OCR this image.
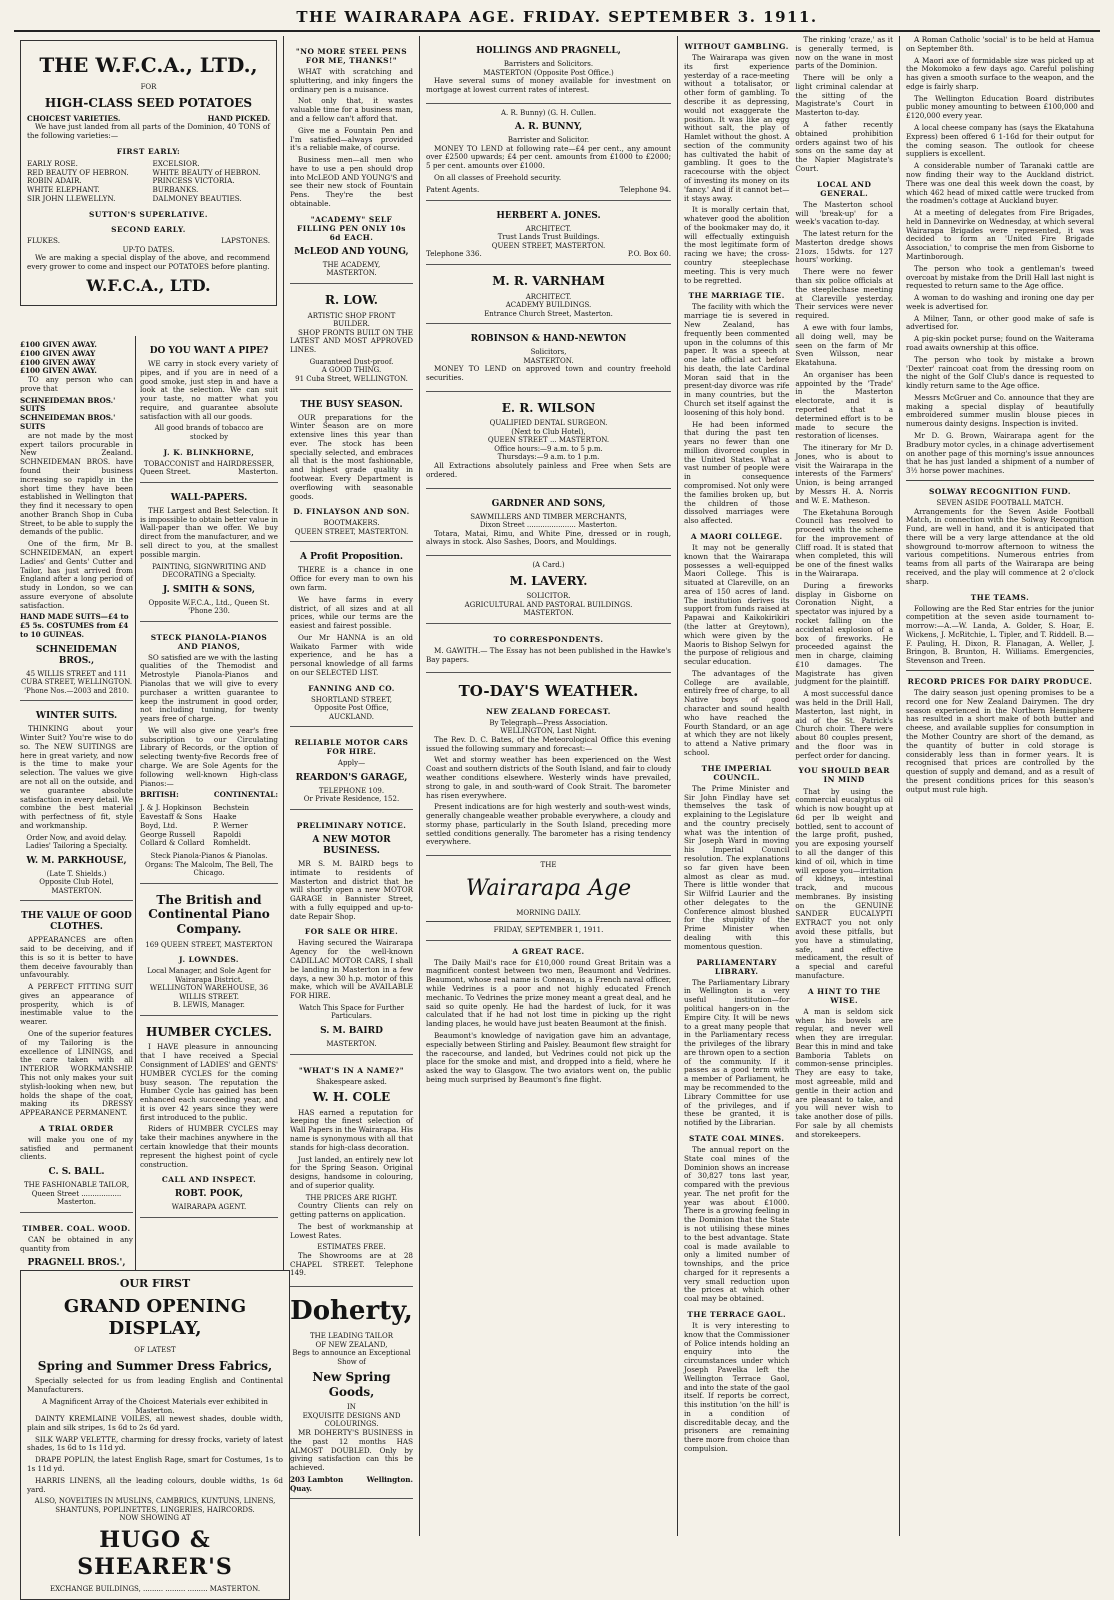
THE WAIRARAPA AGE. FRIDAY. SEPTEMBER 3. 1911.
THE W.F.C.A., LTD.,
FOR
HIGH-CLASS SEED POTATOES
CHOICEST VARIETIES.	HAND PICKED.

We have just landed from all parts of the Dominion, 40 TONS of the following varieties:—

FIRST EARLY:
EARLY ROSE.
RED BEAUTY OF HEBRON.
ROBIN ADAIR.
WHITE ELEPHANT.
SIR JOHN LLEWELLYN.
EXCELSIOR.
WHITE BEAUTY of HEBRON.
PRINCESS VICTORIA.
BURBANKS.
DALMONEY BEAUTIES.
SUTTON'S SUPERLATIVE.
SECOND EARLY.
FLUKES.	LAPSTONES.
UP-TO DATES.

We are making a special display of the above, and recommend every grower to come and inspect our POTATOES before planting.

W.F.C.A., LTD.
£100 GIVEN AWAY.
£100 GIVEN AWAY
£100 GIVEN AWAY
£100 GIVEN AWAY.

TO any person who can prove that

SCHNEIDEMAN BROS.' SUITS
SCHNEIDEMAN BROS.' SUITS

are not made by the most expert tailors procurable in New Zealand. SCHNEIDEMAN BROS. have found their business increasing so rapidly in the short time they have been established in Wellington that they find it necessary to open another Branch Shop in Cuba Street, to be able to supply the demands of the public.

One of the firm, Mr B. SCHNEIDEMAN, an expert Ladies' and Gents' Cutter and Tailor, has just arrived from England after a long period of study in London, so we can assure everyone of absolute satisfaction.

HAND MADE SUITS—£4 to £5 5s. COSTUMES from £4 to 10 GUINEAS.
SCHNEIDEMAN BROS.,
45 WILLIS STREET and 111 CUBA STREET, WELLINGTON.
'Phone Nos.—2003 and 2810.
WINTER SUITS.

THINKING about your Winter Suit? You're wise to do so. The NEW SUITINGS are here in great variety, and now is the time to make your selection. The values we give are not all on the outside, and we guarantee absolute satisfaction in every detail. We combine the best material with perfectness of fit, style and workmanship.

Order Now, and avoid delay.
Ladies' Tailoring a Specialty.
W. M. PARKHOUSE,
(Late T. Shields.)
Opposite Club Hotel, MASTERTON.
THE VALUE OF GOOD CLOTHES.

APPEARANCES are often said to be deceiving, and if this is so it is better to have them deceive favourably than unfavourably.

A PERFECT FITTING SUIT gives an appearance of prosperity, which is of inestimable value to the wearer.

One of the superior features of my Tailoring is the excellence of LININGS, and the care taken with all INTERIOR WORKMANSHIP. This not only makes your suit stylish-looking when new, but holds the shape of the coat, making its DRESSY APPEARANCE PERMANENT.

A TRIAL ORDER

will make you one of my satisfied and permanent clients.

C. S. BALL.
THE FASHIONABLE TAILOR,
Queen Street .................. Masterton.
TIMBER. COAL. WOOD.

CAN be obtained in any quantity from

PRAGNELL BROS.',
DO YOU WANT A PIPE?

WE carry in stock every variety of pipes, and if you are in need of a good smoke, just step in and have a look at the selection. We can suit your taste, no matter what you require, and guarantee absolute satisfaction with all our goods.

All good brands of tobacco are stocked by
J. K. BLINKHORNE,
TOBACCONIST and HAIRDRESSER,
Queen Street.	Masterton.
WALL-PAPERS.

THE Largest and Best Selection. It is impossible to obtain better value in Wall-paper than we offer. We buy direct from the manufacturer, and we sell direct to you, at the smallest possible margin.

PAINTING, SIGNWRITING AND DECORATING a Specialty.
J. SMITH & SONS,
Opposite W.F.C.A., Ltd., Queen St.
'Phone 230.
STECK PIANOLA-PIANOS AND PIANOS,

SO satisfied are we with the lasting qualities of the Themodist and Metrostyle Pianola-Pianos and Pianolas that we will give to every purchaser a written guarantee to keep the instrument in good order, not including tuning, for twenty years free of charge.

We will also give one year's free subscription to our Circulating Library of Records, or the option of selecting twenty-five Records free of charge. We are Sole Agents for the following well-known High-class Pianos:—

BRITISH:	CONTINENTAL:
J. & J. Hopkinson
Eavestaff & Sons
Boyd, Ltd.
George Russell
Collard & Collard
Bechstein
Haake
P. Werner
Rapoldi
Romheldt.
Steck Pianola-Pianos & Pianolas.
Organs: The Malcolm, The Bell, The Chicago.
The British and Continental Piano Company.
169 QUEEN STREET, MASTERTON
J. LOWNDES.
Local Manager, and Sole Agent for Wairarapa District.
WELLINGTON WAREHOUSE, 36 WILLIS STREET.
B. LEWIS, Manager.
HUMBER CYCLES.

I HAVE pleasure in announcing that I have received a Special Consignment of LADIES' and GENTS' HUMBER CYCLES for the coming busy season. The reputation the Humber Cycle has gained has been enhanced each succeeding year, and it is over 42 years since they were first introduced to the public.

Riders of HUMBER CYCLES may take their machines anywhere in the certain knowledge that their mounts represent the highest point of cycle construction.

CALL AND INSPECT.
ROBT. POOK,
WAIRARAPA AGENT.
OUR FIRST
GRAND OPENING DISPLAY,
OF LATEST
Spring and Summer Dress Fabrics,

Specially selected for us from leading English and Continental Manufacturers.

A Magnificent Array of the Choicest Materials ever exhibited in Masterton.

DAINTY KREMLAINE VOILES, all newest shades, double width, plain and silk stripes, 1s 6d to 2s 6d yard.

SILK WARP VELETTE, charming for dressy frocks, variety of latest shades, 1s 6d to 1s 11d yd.

DRAPE POPLIN, the latest English Rage, smart for Costumes, 1s to 1s 11d yd.

HARRIS LINENS, all the leading colours, double widths, 1s 6d yard.

ALSO, NOVELTIES IN MUSLINS, CAMBRICS, KUNTUNS, LINENS, SHANTUNS, POPLINETTES, LINGERIES, HAIRCORDS.
NOW SHOWING AT
HUGO & SHEARER'S
EXCHANGE BUILDINGS, ......... ......... ......... MASTERTON.
"NO MORE STEEL PENS FOR ME, THANKS!"

WHAT with scratching and spluttering, and inky fingers the ordinary pen is a nuisance.

Not only that, it wastes valuable time for a business man, and a fellow can't afford that.

Give me a Fountain Pen and I'm satisfied—always provided it's a reliable make, of course.

Business men—all men who have to use a pen should drop into McLEOD AND YOUNG'S and see their new stock of Fountain Pens. They're the best obtainable.

"ACADEMY" SELF FILLING PEN ONLY 10s 6d EACH.
McLEOD AND YOUNG,
THE ACADEMY,
MASTERTON.
R. LOW.
ARTISTIC SHOP FRONT BUILDER.

SHOP FRONTS BUILT ON THE LATEST AND MOST APPROVED LINES.

Guaranteed Dust-proof.
A GOOD THING.
91 Cuba Street, WELLINGTON.
THE BUSY SEASON.

OUR preparations for the Winter Season are on more extensive lines this year than ever. The stock has been specially selected, and embraces all that is the most fashionable, and highest grade quality in footwear. Every Department is overflowing with seasonable goods.

D. FINLAYSON AND SON.
BOOTMAKERS.
QUEEN STREET, MASTERTON.
A Profit Proposition.

THERE is a chance in one Office for every man to own his own farm.

We have farms in every district, of all sizes and at all prices, while our terms are the easiest and fairest possible.

Our Mr HANNA is an old Waikato Farmer with wide experience, and he has a personal knowledge of all farms on our SELECTED LIST.

FANNING AND CO.
SHORTLAND STREET,
Opposite Post Office,
AUCKLAND.
RELIABLE MOTOR CARS FOR HIRE.
Apply—
REARDON'S GARAGE,
TELEPHONE 109.
Or Private Residence, 152.
PRELIMINARY NOTICE.
A NEW MOTOR BUSINESS.

MR S. M. BAIRD begs to intimate to residents of Masterton and district that he will shortly open a new MOTOR GARAGE in Bannister Street, with a fully equipped and up-to-date Repair Shop.

FOR SALE OR HIRE.

Having secured the Wairarapa Agency for the well-known CADILLAC MOTOR CARS, I shall be landing in Masterton in a few days, a new 30 h.p. motor of this make, which will be AVAILABLE FOR HIRE.

Watch This Space for Further Particulars.
S. M. BAIRD
MASTERTON.
"WHAT'S IN A NAME?"
Shakespeare asked.
W. H. COLE

HAS earned a reputation for keeping the finest selection of Wall Papers in the Wairarapa. His name is synonymous with all that stands for high-class decoration.

Just landed, an entirely new lot for the Spring Season. Original designs, handsome in colouring, and of superior quality.

THE PRICES ARE RIGHT.

Country Clients can rely on getting patterns on application.

The best of workmanship at Lowest Rates.

ESTIMATES FREE.

The Showrooms are at 28 CHAPEL STREET. Telephone 149.

Doherty,
THE LEADING TAILOR
OF NEW ZEALAND,
Begs to announce an Exceptional Show of
New Spring Goods,
IN
EXQUISITE DESIGNS AND COLOURINGS.

MR DOHERTY'S BUSINESS in the past 12 months HAS ALMOST DOUBLED. Only by giving satisfaction can this be achieved.

203 Lambton Quay.
Wellington.
HOLLINGS AND PRAGNELL,
Barristers and Solicitors.
MASTERTON (Opposite Post Office.)

Have several sums of money available for investment on mortgage at lowest current rates of interest.

A. R. Bunny) (G. H. Cullen.
A. R. BUNNY,
Barrister and Solicitor.

MONEY TO LEND at following rate—£4 per cent., any amount over £2500 upwards; £4 per cent. amounts from £1000 to £2000; 5 per cent. amounts over £1000.

On all classes of Freehold security.

Patent Agents.	Telephone 94.
HERBERT A. JONES.
ARCHITECT.
Trust Lands Trust Buildings.
QUEEN STREET, MASTERTON.
Telephone 336.	P.O. Box 60.
M. R. VARNHAM
ARCHITECT.
ACADEMY BUILDINGS.
Entrance Church Street, Masterton.
ROBINSON & HAND-NEWTON
Solicitors,
MASTERTON.

MONEY TO LEND on approved town and country freehold securities.

E. R. WILSON
QUALIFIED DENTAL SURGEON.
(Next to Club Hotel),
QUEEN STREET ... MASTERTON.
Office hours:—9 a.m. to 5 p.m.
Thursdays:—9 a.m. to 1 p.m.

All Extractions absolutely painless and Free when Sets are ordered.

GARDNER AND SONS,
SAWMILLERS AND TIMBER MERCHANTS,
Dixon Street ...................... Masterton.

Totara, Matai, Rimu, and White Pine, dressed or in rough, always in stock. Also Sashes, Doors, and Mouldings.

(A Card.)
M. LAVERY.
SOLICITOR.
AGRICULTURAL AND PASTORAL BUILDINGS.
MASTERTON.
TO CORRESPONDENTS.

M. GAWITH.— The Essay has not been published in the Hawke's Bay papers.

TO-DAY'S WEATHER.
NEW ZEALAND FORECAST.
By Telegraph—Press Association.
WELLINGTON, Last Night.

The Rev. D. C. Bates, of the Meteorological Office this evening issued the following summary and forecast:—

Wet and stormy weather has been experienced on the West Coast and southern districts of the South Island, and fair to cloudy weather conditions elsewhere. Westerly winds have prevailed, strong to gale, in and south-ward of Cook Strait. The barometer has risen everywhere.

Present indications are for high westerly and south-west winds, generally changeable weather probable everywhere, a cloudy and stormy phase, particularly in the South Island, preceding more settled conditions generally. The barometer has a rising tendency everywhere.

THE
Wairarapa Age
MORNING DAILY.
FRIDAY, SEPTEMBER 1, 1911.
A GREAT RACE.

The Daily Mail's race for £10,000 round Great Britain was a magnificent contest between two men, Beaumont and Vedrines. Beaumont, whose real name is Conneau, is a French naval officer, while Vedrines is a poor and not highly educated French mechanic. To Vedrines the prize money meant a great deal, and he said so quite openly. He had the hardest of luck, for it was calculated that if he had not lost time in picking up the right landing places, he would have just beaten Beaumont at the finish.

Beaumont's knowledge of navigation gave him an advantage, especially between Stirling and Paisley. Beaumont flew straight for the racecourse, and landed, but Vedrines could not pick up the place for the smoke and mist, and dropped into a field, where he asked the way to Glasgow. The two aviators went on, the public being much surprised by Beaumont's fine flight.

WITHOUT GAMBLING.

The Wairarapa was given its first experience yesterday of a race-meeting without a totalisator, or other form of gambling. To describe it as depressing, would not exaggerate the position. It was like an egg without salt, the play of Hamlet without the ghost. A section of the community has cultivated the habit of gambling. It goes to the racecourse with the object of investing its money on its 'fancy.' And if it cannot bet—it stays away.

It is morally certain that, whatever good the abolition of the bookmaker may do, it will effectually extinguish the most legitimate form of racing we have; the cross-country steeplechase meeting. This is very much to be regretted.

THE MARRIAGE TIE.

The facility with which the marriage tie is severed in New Zealand, has frequently been commented upon in the columns of this paper. It was a speech at one late official act before his death, the late Cardinal Moran said that in the present-day divorce was rife in many countries, but the Church set itself against the loosening of this holy bond.

He had been informed that during the past ten years no fewer than one million divorced couples in the United States. What a vast number of people were in consequence compromised. Not only were the families broken up, but the children of those dissolved marriages were also affected.

A MAORI COLLEGE.

It may not be generally known that the Wairarapa possesses a well-equipped Maori College. This is situated at Clareville, on an area of 150 acres of land. The institution derives its support from funds raised at Papawai and Kaikokirikiri (the latter at Greytown), which were given by the Maoris to Bishop Selwyn for the purpose of religious and secular education.

The advantages of the College are available, entirely free of charge, to all Native boys of good character and sound health who have reached the Fourth Standard, or an age at which they are not likely to attend a Native primary school.

THE IMPERIAL COUNCIL.

The Prime Minister and Sir John Findlay have set themselves the task of explaining to the Legislature and the country precisely what was the intention of Sir Joseph Ward in moving his Imperial Council resolution. The explanations so far given have been almost as clear as mud. There is little wonder that Sir Wilfrid Laurier and the other delegates to the Conference almost blushed for the stupidity of the Prime Minister when dealing with this momentous question.

PARLIAMENTARY LIBRARY.

The Parliamentary Library in Wellington is a very useful institution—for political hangers-on in the Empire City. It will be news to a great many people that in the Parliamentary recess the privileges of the library are thrown open to a section of the community. If it passes as a good term with a member of Parliament, he may be recommended to the Library Committee for use of the privileges, and if these be granted, it is notified by the Librarian.

STATE COAL MINES.

The annual report on the State coal mines of the Dominion shows an increase of 30,827 tons last year, compared with the previous year. The net profit for the year was about £1000. There is a growing feeling in the Dominion that the State is not utilising these mines to the best advantage. State coal is made available to only a limited number of townships, and the price charged for it represents a very small reduction upon the prices at which other coal may be obtained.

THE TERRACE GAOL.

It is very interesting to know that the Commissioner of Police intends holding an enquiry into the circumstances under which Joseph Pawelka left the Wellington Terrace Gaol, and into the state of the gaol itself. If reports be correct, this institution 'on the hill' is in a condition of discreditable decay, and the prisoners are remaining there more from choice than compulsion.

The rinking 'craze,' as it is generally termed, is now on the wane in most parts of the Dominion.

There will be only a light criminal calendar at the sitting of the Magistrate's Court in Masterton to-day.

A father recently obtained prohibition orders against two of his sons on the same day at the Napier Magistrate's Court.

LOCAL AND GENERAL.

The Masterton school will 'break-up' for a week's vacation to-day.

The latest return for the Masterton dredge shows 21ozs. 15dwts. for 127 hours' working.

There were no fewer than six police officials at the steeplechase meeting at Clareville yesterday. Their services were never required.

A ewe with four lambs, all doing well, may be seen on the farm of Mr Sven Wilsson, near Ekatahuna.

An organiser has been appointed by the 'Trade' in the Masterton electorate, and it is reported that a determined effort is to be made to secure the restoration of licenses.

The itinerary for Mr D. Jones, who is about to visit the Wairarapa in the interests of the Farmers' Union, is being arranged by Messrs H. A. Norris and W. E. Matheson.

The Eketahuna Borough Council has resolved to proceed with the scheme for the improvement of Cliff road. It is stated that when completed, this will be one of the finest walks in the Wairarapa.

During a fireworks display in Gisborne on Coronation Night, a spectator was injured by a rocket falling on the accidental explosion of a box of fireworks. He proceeded against the men in charge, claiming £10 damages. The Magistrate has given judgment for the plaintiff.

A most successful dance was held in the Drill Hall, Masterton, last night, in aid of the St. Patrick's Church choir. There were about 80 couples present, and the floor was in perfect order for dancing.

YOU SHOULD BEAR IN MIND

That by using the commercial eucalyptus oil which is now bought up at 6d per lb weight and bottled, sent to account of the large profit, pushed, you are exposing yourself to all the danger of this kind of oil, which in time will expose you—irritation of kidneys, intestinal track, and mucous membranes. By insisting on the GENUINE SANDER EUCALYPTI EXTRACT you not only avoid these pitfalls, but you have a stimulating, safe, and effective medicament, the result of a special and careful manufacture.

A HINT TO THE WISE.

A man is seldom sick when his bowels are regular, and never well when they are irregular. Bear this in mind and take Bamboria Tablets on common-sense principles. They are easy to take, most agreeable, mild and gentle in their action and are pleasant to take, and you will never wish to take another dose of pills. For sale by all chemists and storekeepers.

A Roman Catholic 'social' is to be held at Hamua on September 8th.

A Maori axe of formidable size was picked up at the Mokomoko a few days ago. Careful polishing has given a smooth surface to the weapon, and the edge is fairly sharp.

The Wellington Education Board distributes public money amounting to between £100,000 and £120,000 every year.

A local cheese company has (says the Ekatahuna Express) been offered 6 1-16d for their output for the coming season. The outlook for cheese suppliers is excellent.

A considerable number of Taranaki cattle are now finding their way to the Auckland district. There was one deal this week down the coast, by which 462 head of mixed cattle were trucked from the roadmen's cottage at Auckland buyer.

At a meeting of delegates from Fire Brigades, held in Dannevirke on Wednesday, at which several Wairarapa Brigades were represented, it was decided to form an 'United Fire Brigade Association,' to comprise the men from Gisborne to Martinborough.

The person who took a gentleman's tweed overcoat by mistake from the Drill Hall last night is requested to return same to the Age office.

A woman to do washing and ironing one day per week is advertised for.

A Milner, Tann, or other good make of safe is advertised for.

A pig-skin pocket purse; found on the Waiterama road awaits ownership at this office.

The person who took by mistake a brown 'Dexter' raincoat coat from the dressing room on the night of the Golf Club's dance is requested to kindly return same to the Age office.

Messrs McGruer and Co. announce that they are making a special display of beautifully embroidered summer muslin blouse pieces in numerous dainty designs. Inspection is invited.

Mr D. G. Brown, Wairarapa agent for the Bradbury motor cycles, in a chinage advertisement on another page of this morning's issue announces that he has just landed a shipment of a number of 3½ horse power machines.

SOLWAY RECOGNITION FUND.
SEVEN ASIDE FOOTBALL MATCH.

Arrangements for the Seven Aside Football Match, in connection with the Solway Recognition Fund, are well in hand, and it is anticipated that there will be a very large attendance at the old showground to-morrow afternoon to witness the various competitions. Numerous entries from teams from all parts of the Wairarapa are being received, and the play will commence at 2 o'clock sharp.

THE TEAMS.

Following are the Red Star entries for the junior competition at the seven aside tournament to-morrow:—A.—W. Landa, A. Golder, S. Hoar, E. Wickens, J. McRitchie, L. Tipler, and T. Riddell. B.—F. Pauling, H. Dixon, R. Flanagan, A. Weller, J. Bringon, B. Brunton, H. Williams. Emergencies, Stevenson and Treen.

RECORD PRICES FOR DAIRY PRODUCE.

The dairy season just opening promises to be a record one for New Zealand Dairymen. The dry season experienced in the Northern Hemisphere has resulted in a short make of both butter and cheese, and available supplies for consumption in the Mother Country are short of the demand, as the quantity of butter in cold storage is considerably less than in former years. It is recognised that prices are controlled by the question of supply and demand, and as a result of the present conditions prices for this season's output must rule high.
